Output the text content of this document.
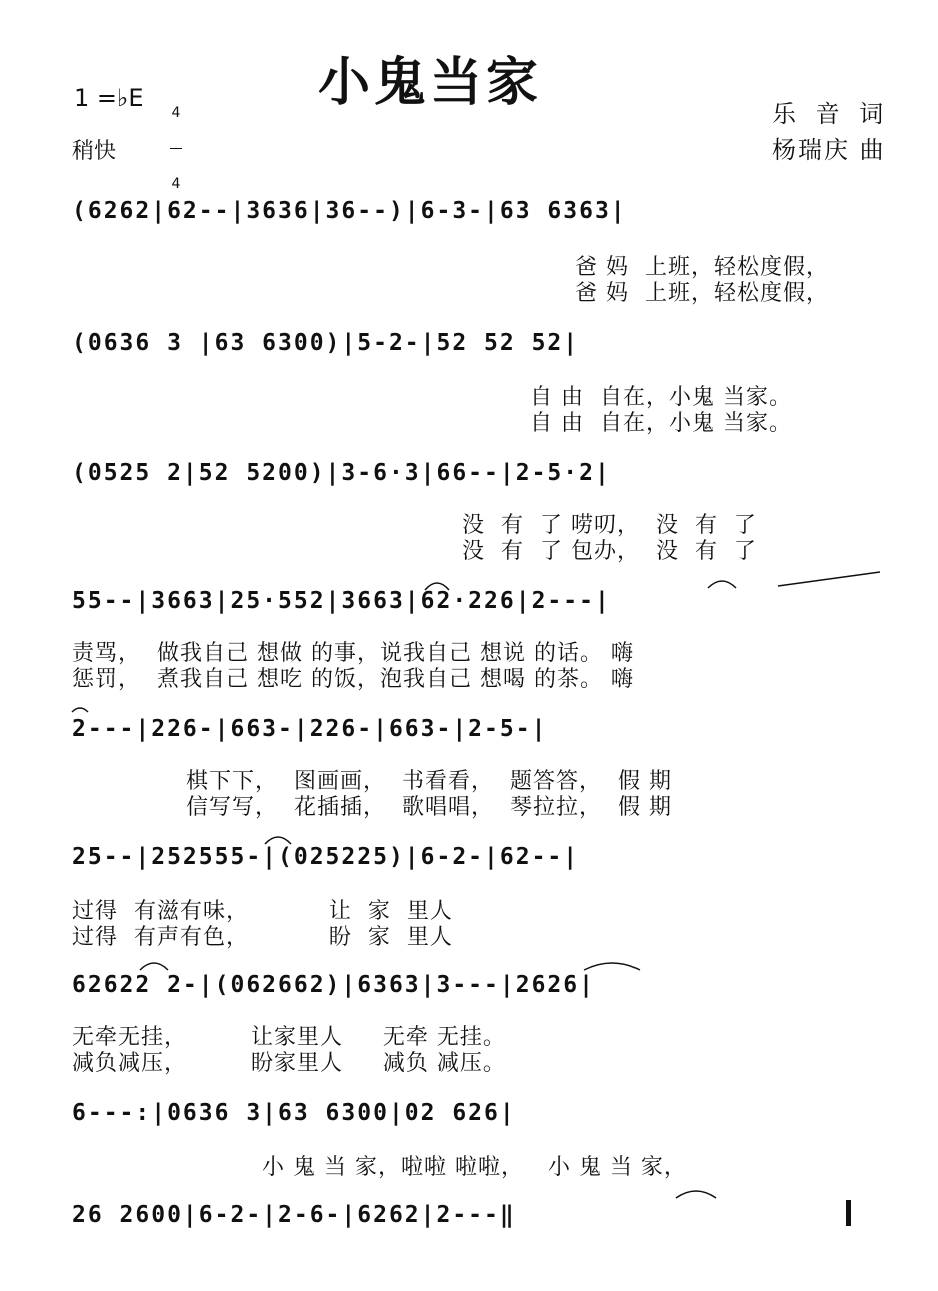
小鬼当家
1 =♭E

4

4

稍快
乐 音 词
杨瑞庆 曲
(6262|62--|3636|36--)|6-3-|63 6363|
爸 妈  上班，轻松度假，
爸 妈  上班，轻松度假，
(0636 3 |63 6300)|5-2-|52 52 52|
自 由  自在，小鬼 当家。
自 由  自在，小鬼 当家。
(0525 2|52 5200)|3-6·3|66--|2-5·2|
没  有  了 唠叨，  没  有  了
没  有  了 包办，  没  有  了
55--|3663|25·552|3663|62·226|2---|
责骂，  做我自己 想做 的事，说我自己 想说 的话。 嗨
惩罚，  煮我自己 想吃 的饭，泡我自己 想喝 的茶。 嗨
2---|226-|663-|226-|663-|2-5-|
棋下下，  图画画，  书看看，  题答答，  假 期
信写写，  花插插，  歌唱唱，  琴拉拉，  假 期
25--|252555-|(025225)|6-2-|62--|
过得  有滋有味，          让  家  里人
过得  有声有色，          盼  家  里人
62622 2-|(062662)|6363|3---|2626|
无牵无挂，        让家里人     无牵 无挂。
减负减压，        盼家里人     减负 减压。
6---:|0636 3|63 6300|02 626|
小 鬼 当 家，啦啦 啦啦，   小 鬼 当 家，
26 2600|6-2-|2-6-|6262|2---‖
